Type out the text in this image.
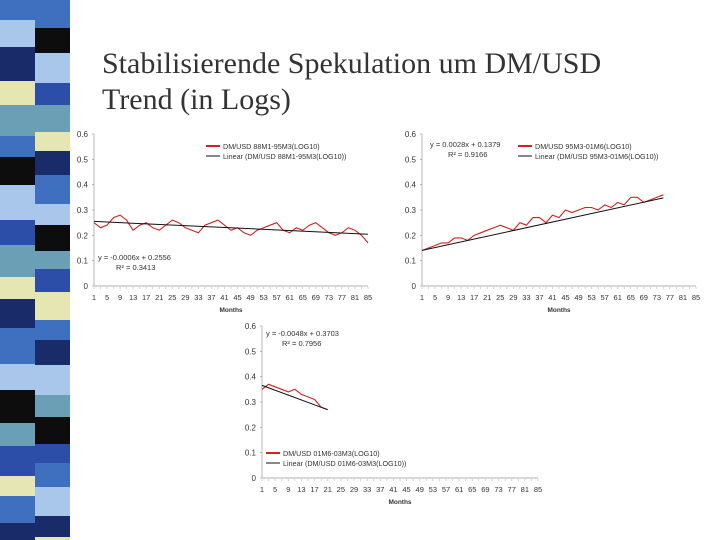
Stabilisierende Spekulation um DM/USD
Trend (in Logs)
0
0.1
0.2
0.3
0.4
0.5
0.6
1 5 9 13 17 21 25 29 33 37 41 45 49 53 57 61 65 69 73 77 81 85
Months
DM/USD 88M1-95M3(LOG10)
Linear (DM/USD 88M1-95M3(LOG10))
y = -0.0006x + 0.2556
R² = 0.3413
0
0.1
0.2
0.3
0.4
0.5
0.6
1 5 9 13 17 21 25 29 33 37 41 45 49 53 57 61 65 69 73 77 81 85
Months
DM/USD 95M3-01M6(LOG10)
Linear (DM/USD 95M3-01M6(LOG10))
y = 0.0028x + 0.1379
R² = 0.9166
0
0.1
0.2
0.3
0.4
0.5
0.6
1 5 9 13 17 21 25 29 33 37 41 45 49 53 57 61 65 69 73 77 81 85
Months
DM/USD 01M6-03M3(LOG10)
Linear (DM/USD 01M6-03M3(LOG10))
y = -0.0048x + 0.3703
R² = 0.7956
